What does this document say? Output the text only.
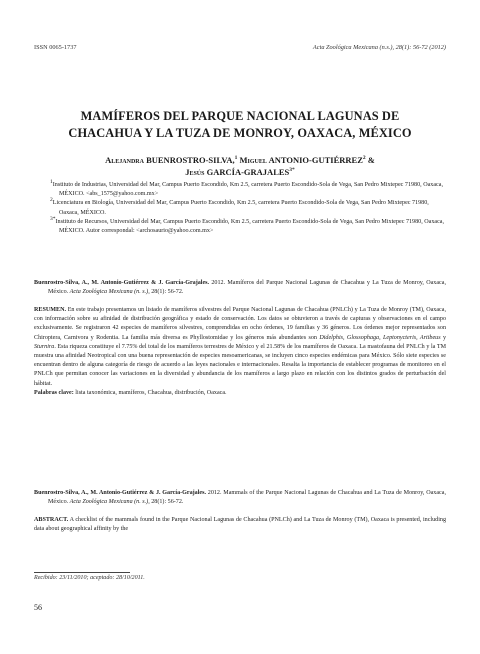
ISSN 0065-1737	Acta Zoológica Mexicana (n.s.), 28(1): 56-72 (2012)
MAMÍFEROS DEL PARQUE NACIONAL LAGUNAS DE
CHACAHUA Y LA TUZA DE MONROY, OAXACA, MÉXICO
Alejandra BUENROSTRO-SILVA,$^1$ Miguel ANTONIO-GUTIÉRREZ$^2$ &
Jesús GARCÍA-$GRAJALES^{3*}$

$^1$Instituto de Industrias, Universidad del Mar, Campus Puerto Escondido, Km 2.5, carretera Puerto Escondido-Sola de Vega, San Pedro Mixtepec 71980, Oaxaca, MÉXICO. <abs_1575@yahoo.com.mx>

$^2$Licenciatura en Biología, Universidad del Mar, Campus Puerto Escondido, Km 2.5, carretera Puerto Escondido-Sola de Vega, San Pedro Mixtepec 71980, Oaxaca, MÉXICO.

$^{3*}$Instituto de Recursos, Universidad del Mar, Campus Puerto Escondido, Km 2.5, carretera Puerto Escondido-Sola de Vega, San Pedro Mixtepec 71980, Oaxaca, MÉXICO. Autor correspondal: <archosaurio@yahoo.com.mx>

Buenrostro-Silva, A., M. Antonio-Gutiérrez & J. García-Grajales. 2012. Mamíferos del Parque Nacional Lagunas de Chacahua y La Tuza de Monroy, Oaxaca, México. Acta Zoológica Mexicana (n. s.), 28(1): 56-72.

RESUMEN. En este trabajo presentamos un listado de mamíferos silvestres del Parque Nacional Lagunas de Chacahua (PNLCh) y La Tuza de Monroy (TM), Oaxaca, con información sobre su afinidad de distribución geográfica y estado de conservación. Los datos se obtuvieron a través de capturas y observaciones en el campo exclusivamente. Se registraron 42 especies de mamíferos silvestres, comprendidas en ocho órdenes, 19 familias y 36 géneros. Los órdenes mejor representados son Chiroptera, Carnivora y Rodentia. La familia más diversa es Phyllostomidae y los géneros más abundantes son Didelphis, Glossophaga, Leptonycteris, Artibeus y Sturnira. Esta riqueza constituye el 7.75% del total de los mamíferos terrestres de México y el 21.58% de los mamíferos de Oaxaca. La mastofauna del PNLCh y la TM muestra una afinidad Neotropical con una buena representación de especies mesoamericanas, se incluyen cinco especies endémicas para México. Sólo siete especies se encuentran dentro de alguna categoría de riesgo de acuerdo a las leyes nacionales e internacionales. Resalta la importancia de establecer programas de monitoreo en el PNLCh que permitan conocer las variaciones en la diversidad y abundancia de los mamíferos a largo plazo en relación con los distintos grados de perturbación del hábitat.

Palabras clave: lista taxonómica, mamíferos, Chacahua, distribución, Oaxaca.

Buenrostro-Silva, A., M. Antonio-Gutiérrez & J. García-Grajales. 2012. Mammals of the Parque Nacional Lagunas de Chacahua and La Tuza de Monroy, Oaxaca, México. Acta Zoológica Mexicana (n. s.), 28(1): 56-72.

ABSTRACT. A checklist of the mammals found in the Parque Nacional Lagunas de Chacahua (PNLCh) and La Tuza de Monroy (TM), Oaxaca is presented, including data about geographical affinity by the

Recibido: 23/11/2010; aceptado: 28/10/2011.
56
